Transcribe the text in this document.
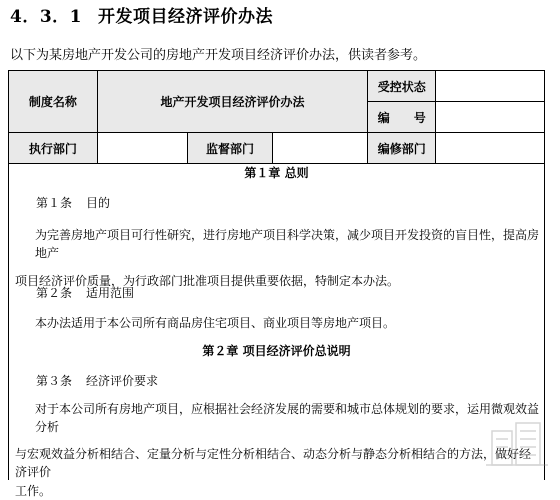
4．3．1 开发项目经济评价办法
以下为某房地产开发公司的房地产开发项目经济评价办法，供读者参考。
制度名称	地产开发项目经济评价办法			受控状态	
				编　　号	
执行部门		监督部门		编修部门	
第１章 总则
第１条 目的
为完善房地产项目可行性研究，进行房地产项目科学决策，减少项目开发投资的盲目性，提高房地产
项目经济评价质量，为行政部门批准项目提供重要依据，特制定本办法。
第２条 适用范围
本办法适用于本公司所有商品房住宅项目、商业项目等房地产项目。
第２章 项目经济评价总说明
第３条 经济评价要求
对于本公司所有房地产项目，应根据社会经济发展的需要和城市总体规划的要求，运用微观效益分析
与宏观效益分析相结合、定量分析与定性分析相结合、动态分析与静态分析相结合的方法，做好经济评价
工作。
